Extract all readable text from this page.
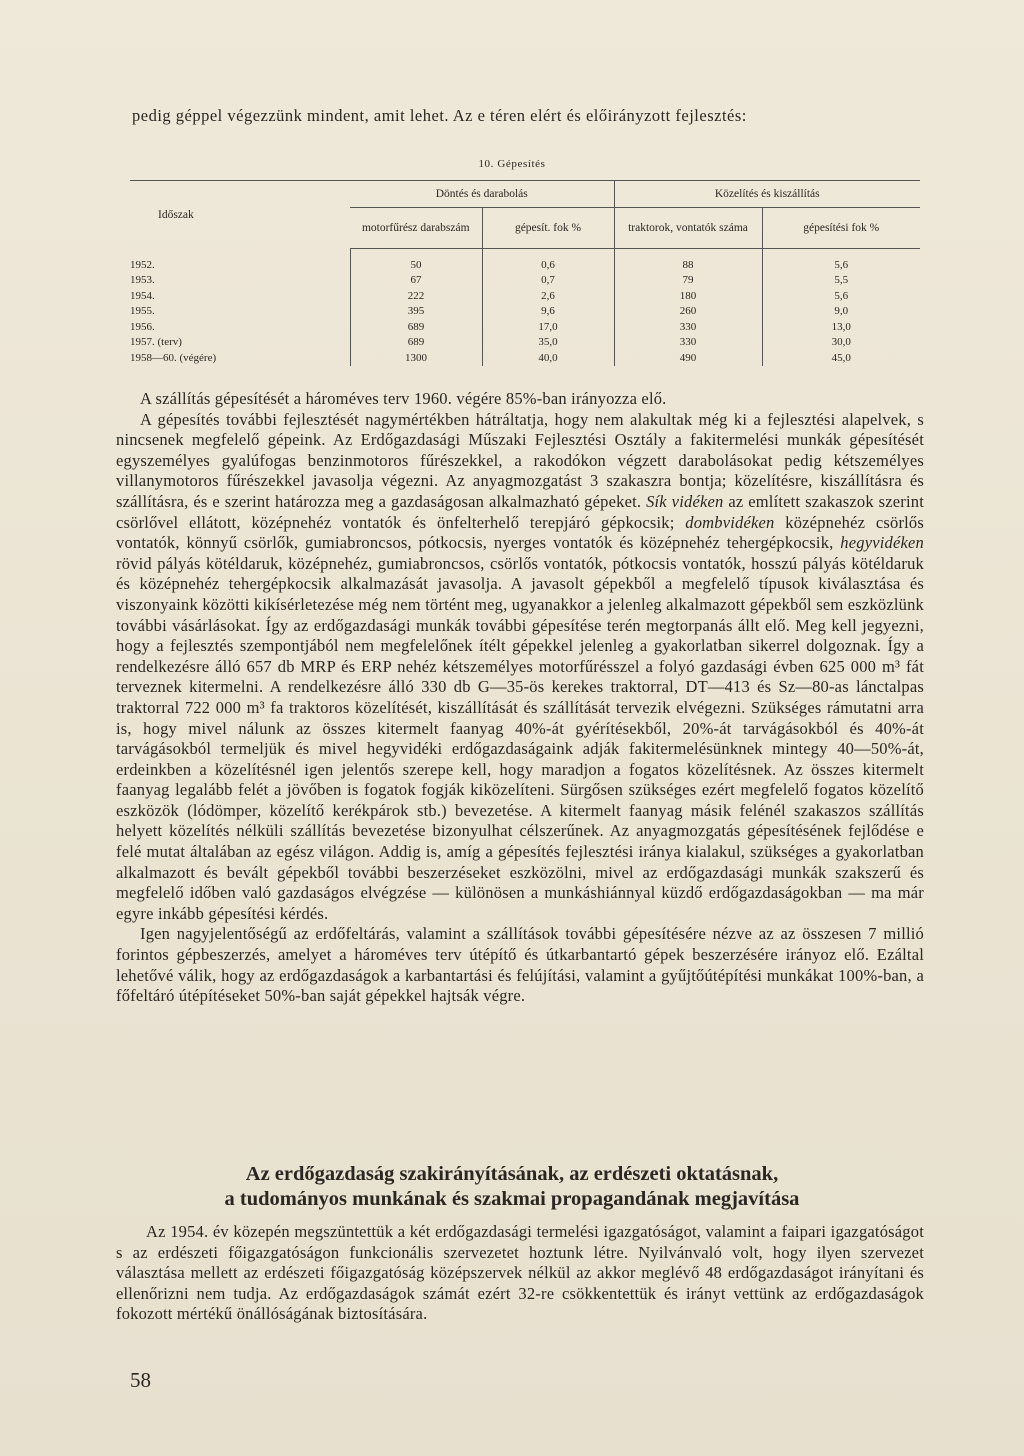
pedig géppel végezzünk mindent, amit lehet. Az e téren elért és előirányzott fejlesztés:
10. Gépesítés
Időszak	Döntés és darabolás		Közelítés és kiszállítás	
	motorfűrész darabszám	gépesít. fok %	traktorok, vontatók száma	gépesítési fok %
1952.	50	0,6	88	5,6
1953.	67	0,7	79	5,5
1954.	222	2,6	180	5,6
1955.	395	9,6	260	9,0
1956.	689	17,0	330	13,0
1957. (terv)	689	35,0	330	30,0
1958—60. (végére)	1300	40,0	490	45,0

A szállítás gépesítését a hároméves terv 1960. végére 85%-ban irányozza elő.

A gépesítés további fejlesztését nagymértékben hátráltatja, hogy nem alakultak még ki a fejlesztési alapelvek, s nincsenek megfelelő gépeink. Az Erdőgazdasági Műszaki Fejlesztési Osztály a fakitermelési munkák gépesítését egyszemélyes gyalúfogas benzinmotoros fűrészekkel, a rakodókon végzett darabolásokat pedig kétszemélyes villanymotoros fűrészekkel javasolja végezni. Az anyagmozgatást 3 szakaszra bontja; közelítésre, kiszállításra és szállításra, és e szerint határozza meg a gazdaságosan alkalmazható gépeket. Sík vidéken az említett szakaszok szerint csörlővel ellátott, középnehéz vontatók és önfelterhelő terepjáró gépkocsik; dombvidéken középnehéz csörlős vontatók, könnyű csörlők, gumiabroncsos, pótkocsis, nyerges vontatók és középnehéz tehergépkocsik, hegyvidéken rövid pályás kötéldaruk, középnehéz, gumiabroncsos, csörlős vontatók, pótkocsis vontatók, hosszú pályás kötéldaruk és középnehéz tehergépkocsik alkalmazását javasolja. A javasolt gépekből a megfelelő típusok kiválasztása és viszonyaink közötti kikísérletezése még nem történt meg, ugyanakkor a jelenleg alkalmazott gépekből sem eszközlünk további vásárlásokat. Így az erdőgazdasági munkák további gépesítése terén megtorpanás állt elő. Meg kell jegyezni, hogy a fejlesztés szempontjából nem megfelelőnek ítélt gépekkel jelenleg a gyakorlatban sikerrel dolgoznak. Így a rendelkezésre álló 657 db MRP és ERP nehéz kétszemélyes motorfűrésszel a folyó gazdasági évben 625 000 m³ fát terveznek kitermelni. A rendelkezésre álló 330 db G—35-ös kerekes traktorral, DT—413 és Sz—80-as lánctalpas traktorral 722 000 m³ fa traktoros közelítését, kiszállítását és szállítását tervezik elvégezni. Szükséges rámutatni arra is, hogy mivel nálunk az összes kitermelt faanyag 40%-át gyérítésekből, 20%-át tarvágásokból és 40%-át tarvágásokból termeljük és mivel hegyvidéki erdőgazdaságaink adják fakitermelésünknek mintegy 40—50%-át, erdeinkben a közelítésnél igen jelentős szerepe kell, hogy maradjon a fogatos közelítésnek. Az összes kitermelt faanyag legalább felét a jövőben is fogatok fogják kiközelíteni. Sürgősen szükséges ezért megfelelő fogatos közelítő eszközök (lódömper, közelítő kerékpárok stb.) bevezetése. A kitermelt faanyag másik felénél szakaszos szállítás helyett közelítés nélküli szállítás bevezetése bizonyulhat célszerűnek. Az anyagmozgatás gépesítésének fejlődése e felé mutat általában az egész világon. Addig is, amíg a gépesítés fejlesztési iránya kialakul, szükséges a gyakorlatban alkalmazott és bevált gépekből további beszerzéseket eszközölni, mivel az erdőgazdasági munkák szakszerű és megfelelő időben való gazdaságos elvégzése — különösen a munkáshiánnyal küzdő erdőgazdaságokban — ma már egyre inkább gépesítési kérdés.

Igen nagyjelentőségű az erdőfeltárás, valamint a szállítások további gépesítésére nézve az az összesen 7 millió forintos gépbeszerzés, amelyet a hároméves terv útépítő és útkarbantartó gépek beszerzésére irányoz elő. Ezáltal lehetővé válik, hogy az erdőgazdaságok a karbantartási és felújítási, valamint a gyűjtőútépítési munkákat 100%-ban, a főfeltáró útépítéseket 50%-ban saját gépekkel hajtsák végre.

Az erdőgazdaság szakirányításának, az erdészeti oktatásnak,
a tudományos munkának és szakmai propagandának megjavítása

Az 1954. év közepén megszüntettük a két erdőgazdasági termelési igazgatóságot, valamint a faipari igazgatóságot s az erdészeti főigazgatóságon funkcionális szervezetet hoztunk létre. Nyilvánvaló volt, hogy ilyen szervezet választása mellett az erdészeti főigazgatóság középszervek nélkül az akkor meglévő 48 erdőgazdaságot irányítani és ellenőrizni nem tudja. Az erdőgazdaságok számát ezért 32-re csökkentettük és irányt vettünk az erdőgazdaságok fokozott mértékű önállóságának biztosítására.

58
